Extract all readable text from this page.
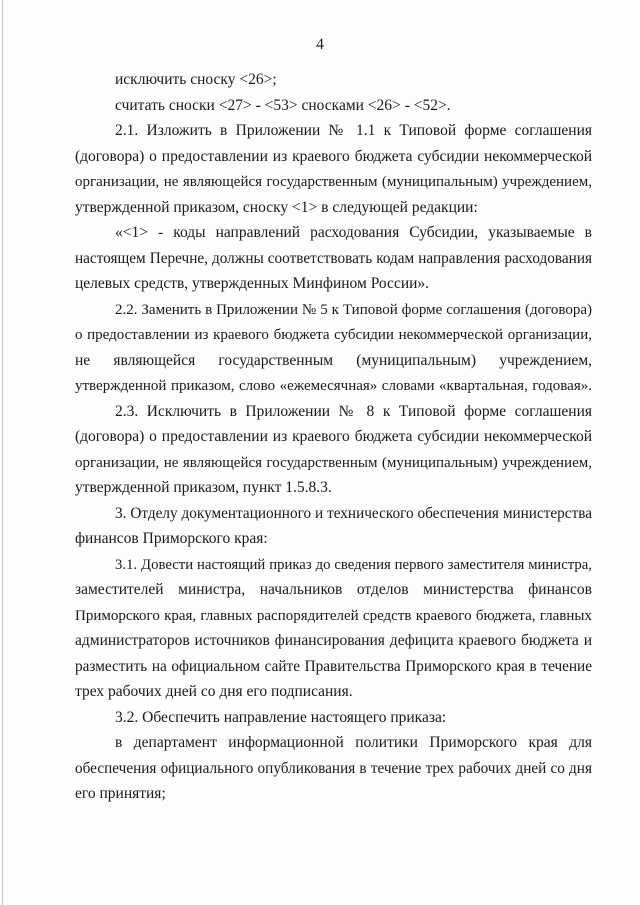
4
исключить сноску <26>;
считать сноски <27> - <53> сносками <26> - <52>.
2.1. Изложить в Приложении № 1.1 к Типовой форме соглашения
(договора) о предоставлении из краевого бюджета субсидии некоммерческой
организации, не являющейся государственным (муниципальным) учреждением,
утвержденной приказом, сноску <1> в следующей редакции:
«<1> - коды направлений расходования Субсидии, указываемые в
настоящем Перечне, должны соответствовать кодам направления расходования
целевых средств, утвержденных Минфином России».
2.2. Заменить в Приложении № 5 к Типовой форме соглашения (договора)
о предоставлении из краевого бюджета субсидии некоммерческой организации,
не являющейся государственным (муниципальным) учреждением,
утвержденной приказом, слово «ежемесячная» словами «квартальная, годовая».
2.3. Исключить в Приложении № 8 к Типовой форме соглашения
(договора) о предоставлении из краевого бюджета субсидии некоммерческой
организации, не являющейся государственным (муниципальным) учреждением,
утвержденной приказом, пункт 1.5.8.3.
3. Отделу документационного и технического обеспечения министерства
финансов Приморского края:
3.1. Довести настоящий приказ до сведения первого заместителя министра,
заместителей министра, начальников отделов министерства финансов
Приморского края, главных распорядителей средств краевого бюджета, главных
администраторов источников финансирования дефицита краевого бюджета и
разместить на официальном сайте Правительства Приморского края в течение
трех рабочих дней со дня его подписания.
3.2. Обеспечить направление настоящего приказа:
в департамент информационной политики Приморского края для
обеспечения официального опубликования в течение трех рабочих дней со дня
его принятия;
